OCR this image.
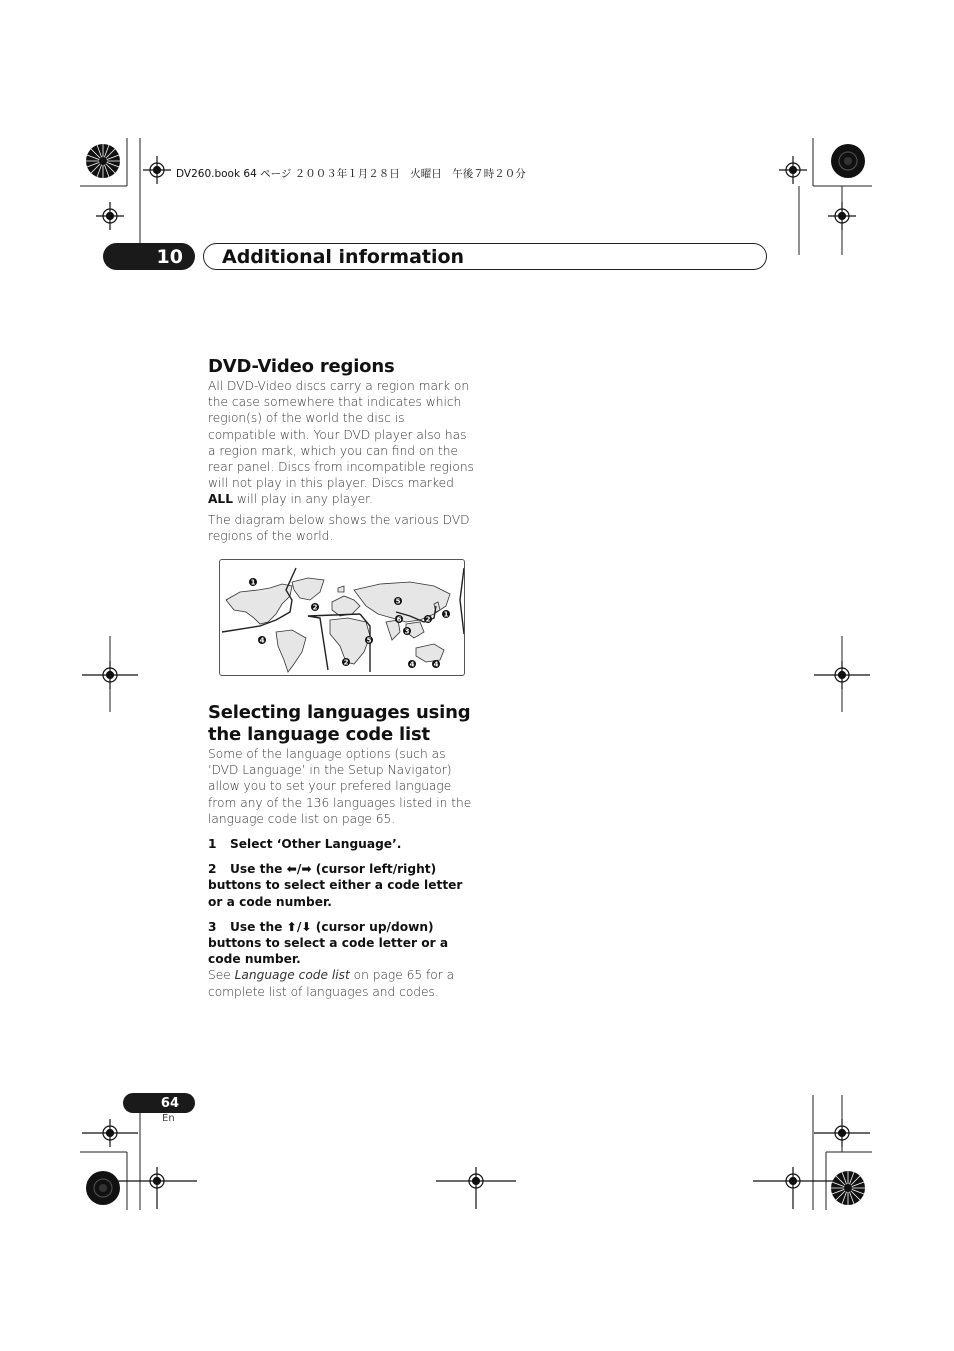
DV260.book 64 ページ ２００３年１月２８日　火曜日　午後７時２０分
10 Additional information
DVD-Video regions

All DVD-Video discs carry a region mark on the case somewhere that indicates which region(s) of the world the disc is compatible with. Your DVD player also has a region mark, which you can find on the rear panel. Discs from incompatible regions will not play in this player. Discs marked ALL will play in any player.

The diagram below shows the various DVD regions of the world.

1
2
3
4
5
6
1
2
4
5
2	4
Selecting languages using the language code list

Some of the language options (such as ‘DVD Language’ in the Setup Navigator) allow you to set your prefered language from any of the 136 languages listed in the language code list on page 65.

1 Select ‘Other Language’.

2 Use the ⬅/➡ (cursor left/right) buttons to select either a code letter or a code number.

3 Use the ⬆/⬇ (cursor up/down) buttons to select a code letter or a code number.

See Language code list on page 65 for a complete list of languages and codes.

64
En
